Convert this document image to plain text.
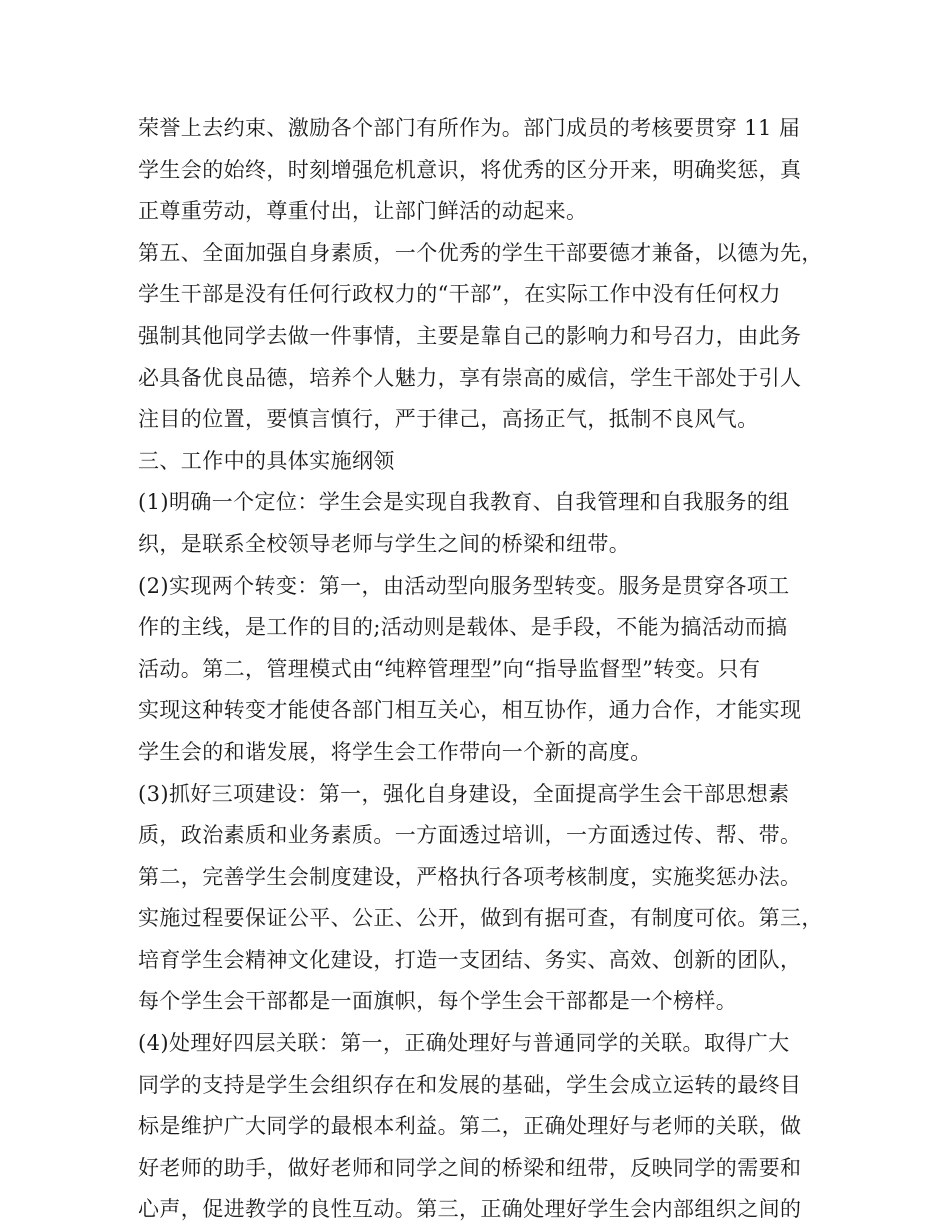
荣誉上去约束、激励各个部门有所作为。部门成员的考核要贯穿 11 届
学生会的始终，时刻增强危机意识，将优秀的区分开来，明确奖惩，真
正尊重劳动，尊重付出，让部门鲜活的动起来。
第五、全面加强自身素质，一个优秀的学生干部要德才兼备，以德为先，
学生干部是没有任何行政权力的“干部”，在实际工作中没有任何权力
强制其他同学去做一件事情，主要是靠自己的影响力和号召力，由此务
必具备优良品德，培养个人魅力，享有崇高的威信，学生干部处于引人
注目的位置，要慎言慎行，严于律己，高扬正气，抵制不良风气。
三、工作中的具体实施纲领
(1)明确一个定位：学生会是实现自我教育、自我管理和自我服务的组
织，是联系全校领导老师与学生之间的桥梁和纽带。
(2)实现两个转变：第一，由活动型向服务型转变。服务是贯穿各项工
作的主线，是工作的目的;活动则是载体、是手段，不能为搞活动而搞
活动。第二，管理模式由“纯粹管理型”向“指导监督型”转变。只有
实现这种转变才能使各部门相互关心，相互协作，通力合作，才能实现
学生会的和谐发展，将学生会工作带向一个新的高度。
(3)抓好三项建设：第一，强化自身建设，全面提高学生会干部思想素
质，政治素质和业务素质。一方面透过培训，一方面透过传、帮、带。
第二，完善学生会制度建设，严格执行各项考核制度，实施奖惩办法。
实施过程要保证公平、公正、公开，做到有据可查，有制度可依。第三，
培育学生会精神文化建设，打造一支团结、务实、高效、创新的团队，
每个学生会干部都是一面旗帜，每个学生会干部都是一个榜样。
(4)处理好四层关联：第一，正确处理好与普通同学的关联。取得广大
同学的支持是学生会组织存在和发展的基础，学生会成立运转的最终目
标是维护广大同学的最根本利益。第二，正确处理好与老师的关联，做
好老师的助手，做好老师和同学之间的桥梁和纽带，反映同学的需要和
心声，促进教学的良性互动。第三，正确处理好学生会内部组织之间的
